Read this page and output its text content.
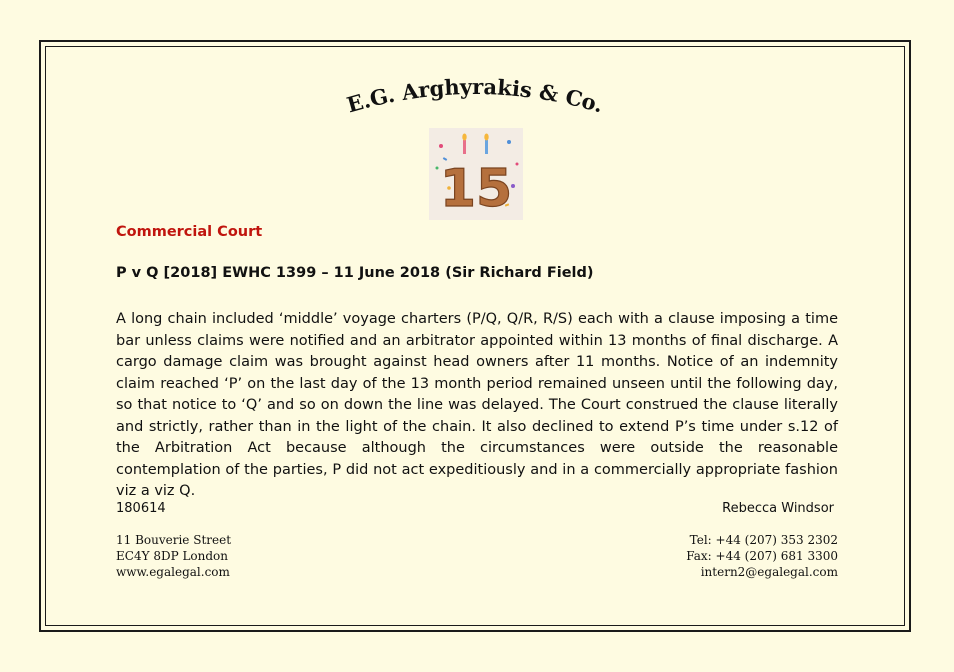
E.G. Arghyrakis & Co.
15
Commercial Court
P v Q [2018] EWHC 1399 – 11 June 2018 (Sir Richard Field)

A long chain included ‘middle’ voyage charters (P/Q, Q/R, R/S) each with a clause imposing a time bar unless claims were notified and an arbitrator appointed within 13 months of final discharge. A cargo damage claim was brought against head owners after 11 months. Notice of an indemnity claim reached ‘P’ on the last day of the 13 month period remained unseen until the following day, so that notice to ‘Q’ and so on down the line was delayed. The Court construed the clause literally and strictly, rather than in the light of the chain. It also declined to extend P’s time under s.12 of the Arbitration Act because although the circumstances were outside the reasonable contemplation of the parties, P did not act expeditiously and in a commercially appropriate fashion viz a viz Q.

180614	Rebecca Windsor
11 Bouverie Street
EC4Y 8DP London
www.egalegal.com
Tel: +44 (207) 353 2302
Fax: +44 (207) 681 3300
intern2@egalegal.com
